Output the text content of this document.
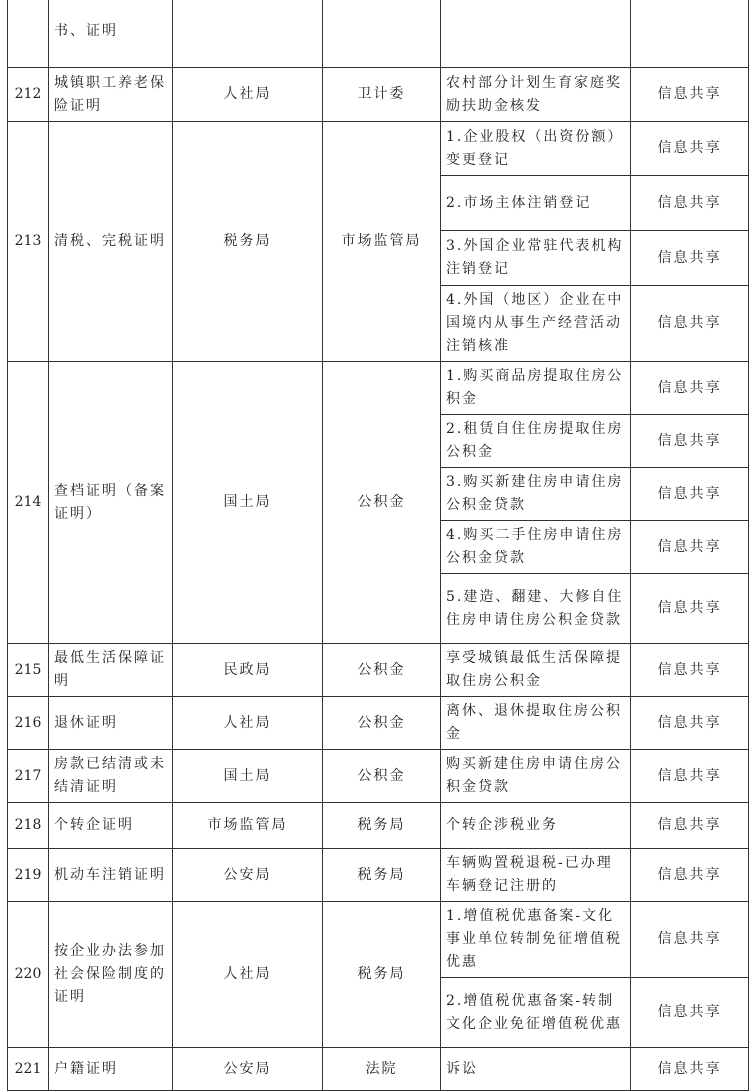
	书、证明				
212	城镇职工养老保险证明	人社局	卫计委	农村部分计划生育家庭奖励扶助金核发	信息共享
213	清税、完税证明	税务局	市场监管局	1.企业股权（出资份额）变更登记	信息共享
				2.市场主体注销登记	信息共享
				3.外国企业常驻代表机构注销登记	信息共享
				4.外国（地区）企业在中国境内从事生产经营活动注销核准	信息共享
214	查档证明（备案证明）	国土局	公积金	1.购买商品房提取住房公积金	信息共享
				2.租赁自住住房提取住房公积金	信息共享
				3.购买新建住房申请住房公积金贷款	信息共享
				4.购买二手住房申请住房公积金贷款	信息共享
				5.建造、翻建、大修自住住房申请住房公积金贷款	信息共享
215	最低生活保障证明	民政局	公积金	享受城镇最低生活保障提取住房公积金	信息共享
216	退休证明	人社局	公积金	离休、退休提取住房公积金	信息共享
217	房款已结清或未结清证明	国土局	公积金	购买新建住房申请住房公积金贷款	信息共享
218	个转企证明	市场监管局	税务局	个转企涉税业务	信息共享
219	机动车注销证明	公安局	税务局	车辆购置税退税-已办理车辆登记注册的	信息共享
220	按企业办法参加社会保险制度的证明	人社局	税务局	1.增值税优惠备案-文化事业单位转制免征增值税优惠	信息共享
				2.增值税优惠备案-转制文化企业免征增值税优惠	信息共享
221	户籍证明	公安局	法院	诉讼	信息共享
